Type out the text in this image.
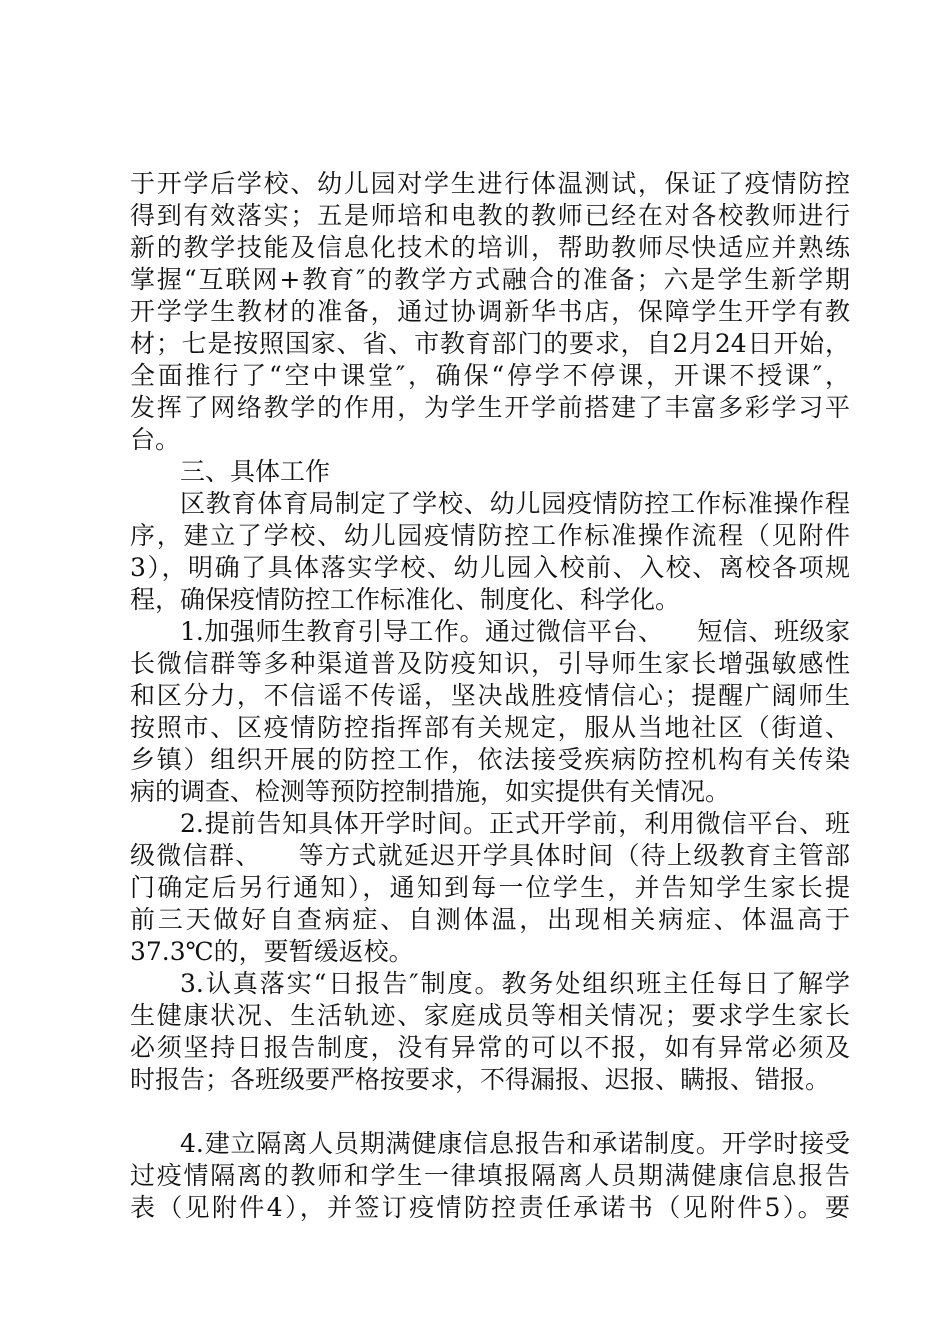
于开学后学校、幼儿园对学生进行体温测试，保证了疫情防控
得到有效落实；五是师培和电教的教师已经在对各校教师进行
新的教学技能及信息化技术的培训，帮助教师尽快适应并熟练
掌握“互联网+教育″的教学方式融合的准备；六是学生新学期
开学学生教材的准备，通过协调新华书店，保障学生开学有教
材；七是按照国家、省、市教育部门的要求，自2月24日开始，
全面推行了“空中课堂″，确保“停学不停课，开课不授课″，
发挥了网络教学的作用，为学生开学前搭建了丰富多彩学习平
台。
三、具体工作
区教育体育局制定了学校、幼儿园疫情防控工作标准操作程
序，建立了学校、幼儿园疫情防控工作标准操作流程（见附件
3），明确了具体落实学校、幼儿园入校前、入校、离校各项规
程，确保疫情防控工作标准化、制度化、科学化。
1.加强师生教育引导工作。通过微信平台、    短信、班级家
长微信群等多种渠道普及防疫知识，引导师生家长增强敏感性
和区分力，不信谣不传谣，坚决战胜疫情信心；提醒广阔师生
按照市、区疫情防控指挥部有关规定，服从当地社区（街道、
乡镇）组织开展的防控工作，依法接受疾病防控机构有关传染
病的调查、检测等预防控制措施，如实提供有关情况。
2.提前告知具体开学时间。正式开学前，利用微信平台、班
级微信群、    等方式就延迟开学具体时间（待上级教育主管部
门确定后另行通知），通知到每一位学生，并告知学生家长提
前三天做好自查病症、自测体温，出现相关病症、体温高于
37.3℃的，要暂缓返校。
3.认真落实“日报告″制度。教务处组织班主任每日了解学
生健康状况、生活轨迹、家庭成员等相关情况；要求学生家长
必须坚持日报告制度，没有异常的可以不报，如有异常必须及
时报告；各班级要严格按要求，不得漏报、迟报、瞒报、错报。
4.建立隔离人员期满健康信息报告和承诺制度。开学时接受
过疫情隔离的教师和学生一律填报隔离人员期满健康信息报告
表（见附件4），并签订疫情防控责任承诺书（见附件5）。要
